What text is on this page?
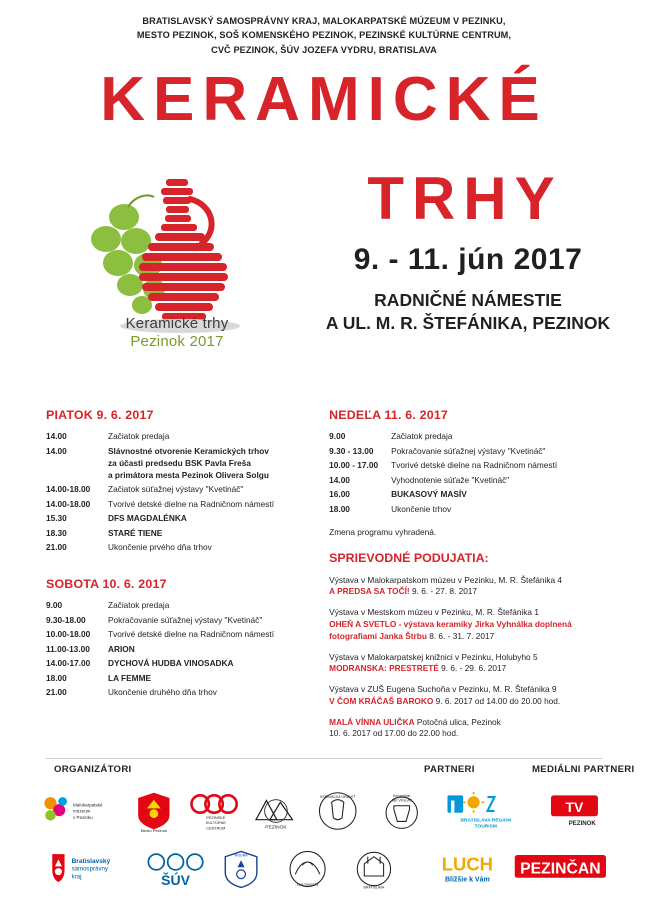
BRATISLAVSKÝ SAMOSPRÁVNY KRAJ, MALOKARPATSKÉ MÚZEUM V PEZINKU,
MESTO PEZINOK, SOŠ KOMENSKÉHO PEZINOK, PEZINSKÉ KULTÚRNE CENTRUM,
CVČ PEZINOK, ŠÚV JOZEFA VYDRU, BRATISLAVA
KERAMICKÉ
TRHY
9. - 11. jún 2017
RADNIČNÉ NÁMESTIE
A UL. M. R. ŠTEFÁNIKA, PEZINOK
Keramické trhy
Pezinok 2017
PIATOK 9. 6. 2017
14.00	Začiatok predaja
14.00	Slávnostné otvorenie Keramických trhov
za účasti predsedu BSK Pavla Freša
a primátora mesta Pezinok Olivera Solgu
14.00-18.00	Začiatok súťažnej výstavy "Kvetináč"
14.00-18.00	Tvorivé detské dielne na Radničnom námestí
15.30	DFS MAGDALÉNKA
18.30	STARÉ TIENE
21.00	Ukončenie prvého dňa trhov
SOBOTA 10. 6. 2017
9.00	Začiatok predaja
9.30-18.00	Pokračovanie súťažnej výstavy "Kvetináč"
10.00-18.00	Tvorivé detské dielne na Radničnom námestí
11.00-13.00	ARION
14.00-17.00	DYCHOVÁ HUDBA VINOSADKA
18.00	LA FEMME
21.00	Ukončenie druhého dňa trhov
NEDEĽA 11. 6. 2017
9.00	Začiatok predaja
9.30 - 13.00	Pokračovanie súťažnej výstavy "Kvetináč"
10.00 - 17.00	Tvorivé detské dielne na Radničnom námestí
14.00	Vyhodnotenie súťaže "Kvetináč"
16.00	BUKASOVÝ MASÍV
18.00	Ukončenie trhov
Zmena programu vyhradená.
SPRIEVODNÉ PODUJATIA:
Výstava v Malokarpatskom múzeu v Pezinku, M. R. Štefánika 4
A PREDSA SA TOČÍ! 9. 6. - 27. 8. 2017
Výstava v Mestskom múzeu v Pezinku, M. R. Štefánika 1
OHEŇ A SVETLO - výstava keramiky Jirka Vyhnálka doplnená
fotografiami Janka Štrbu 8. 6. - 31. 7. 2017
Výstava v Malokarpatskej knižnici v Pezinku, Holubyho 5
MODRANSKA: PRESTRETÉ 9. 6. - 29. 6. 2017
Výstava v ZUŠ Eugena Suchoňa v Pezinku, M. R. Štefánika 9
V ČOM KRÁČAŠ BAROKO 9. 6. 2017 od 14.00 do 20.00 hod.
MALÁ VÍNNA ULIČKA Potočná ulica, Pezinok
10. 6. 2017 od 17.00 do 22.00 hod.
ORGANIZÁTORI	PARTNERI	MEDIÁLNI PARTNERI
Malokarpatské
múzeum
v Pezinku
Mesto Pezinok
PEZINSKÉ
KULTÚRNE
CENTRUM	PEZINOK
KERAMICKÁ OBLASŤ	Keramikár
Ján VÍGLAŠ
BRATISLAVA REGION
TOURISM
TV
PEZINOK
Bratislavský
samosprávny
kraj	ŠÚV
MODRA
Lipa Hanúnky
BRATISLAVA
LUCH
Bližšie k Vám
PEZINČAN
